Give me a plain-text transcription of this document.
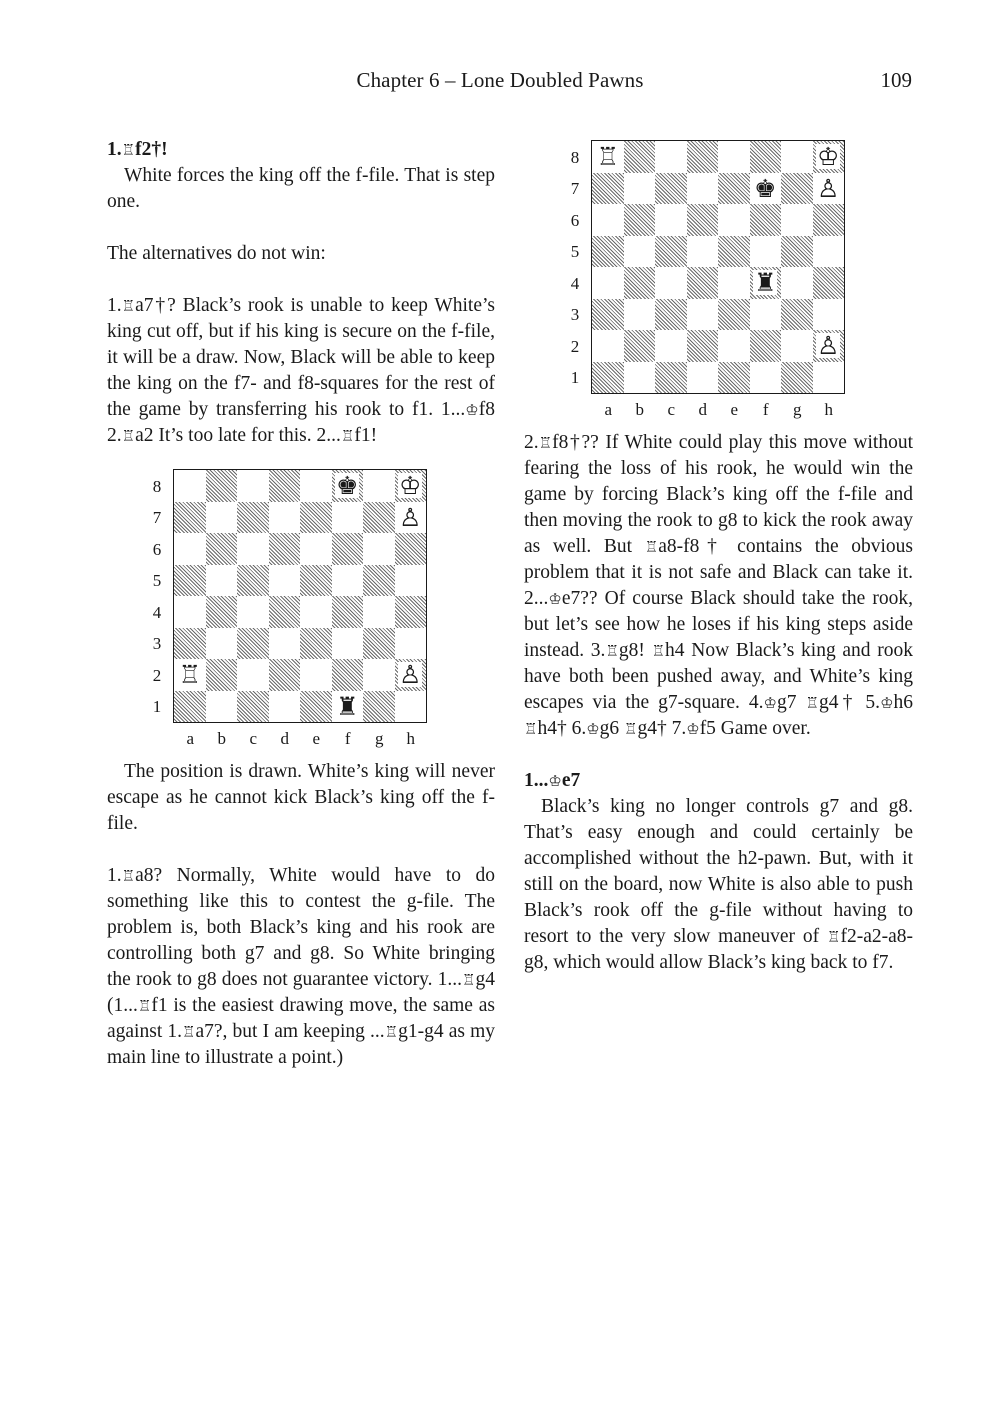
Chapter 6 – Lone Doubled Pawns	109

1.♖f2†!

White forces the king off the f-file. That is step one.

The alternatives do not win:

1.♖a7†? Black’s rook is unable to keep White’s king cut off, but if his king is secure on the f-file, it will be a draw. Now, Black will be able to keep the king on the f7- and f8-squares for the rest of the game by transferring his rook to f1. 1...♔f8 2.♖a2 It’s too late for this. 2...♖f1!

♚ ♔
♙
♖	♙
♜
8
7
6
5
4
3
2
1
a	b	c	d	e	f	g	h

The position is drawn. White’s king will never escape as he cannot kick Black’s king off the f-file.

1.♖a8? Normally, White would have to do something like this to contest the g-file. The problem is, both Black’s king and his rook are controlling both g7 and g8. So White bringing the rook to g8 does not guarantee victory. 1...♖g4 (1...♖f1 is the easiest drawing move, the same as against 1.♖a7?, but I am keeping ...♖g1-g4 as my main line to illustrate a point.)

♖	♔
♚ ♙
♜
♙
8
7
6
5
4
3
2
1
a	b	c	d	e	f	g	h

2.♖f8†?? If White could play this move without fearing the loss of his rook, he would win the game by forcing Black’s king off the f-file and then moving the rook to g8 to kick the rook away as well. But ♖a8-f8† contains the obvious problem that it is not safe and Black can take it. 2...♔e7?? Of course Black should take the rook, but let’s see how he loses if his king steps aside instead. 3.♖g8! ♖h4 Now Black’s king and rook have both been pushed away, and White’s king escapes via the g7-square. 4.♔g7 ♖g4† 5.♔h6 ♖h4† 6.♔g6 ♖g4† 7.♔f5 Game over.

1...♔e7

Black’s king no longer controls g7 and g8. That’s easy enough and could certainly be accomplished without the h2-pawn. But, with it still on the board, now White is also able to push Black’s rook off the g-file without having to resort to the very slow maneuver of ♖f2-a2-a8-g8, which would allow Black’s king back to f7.
